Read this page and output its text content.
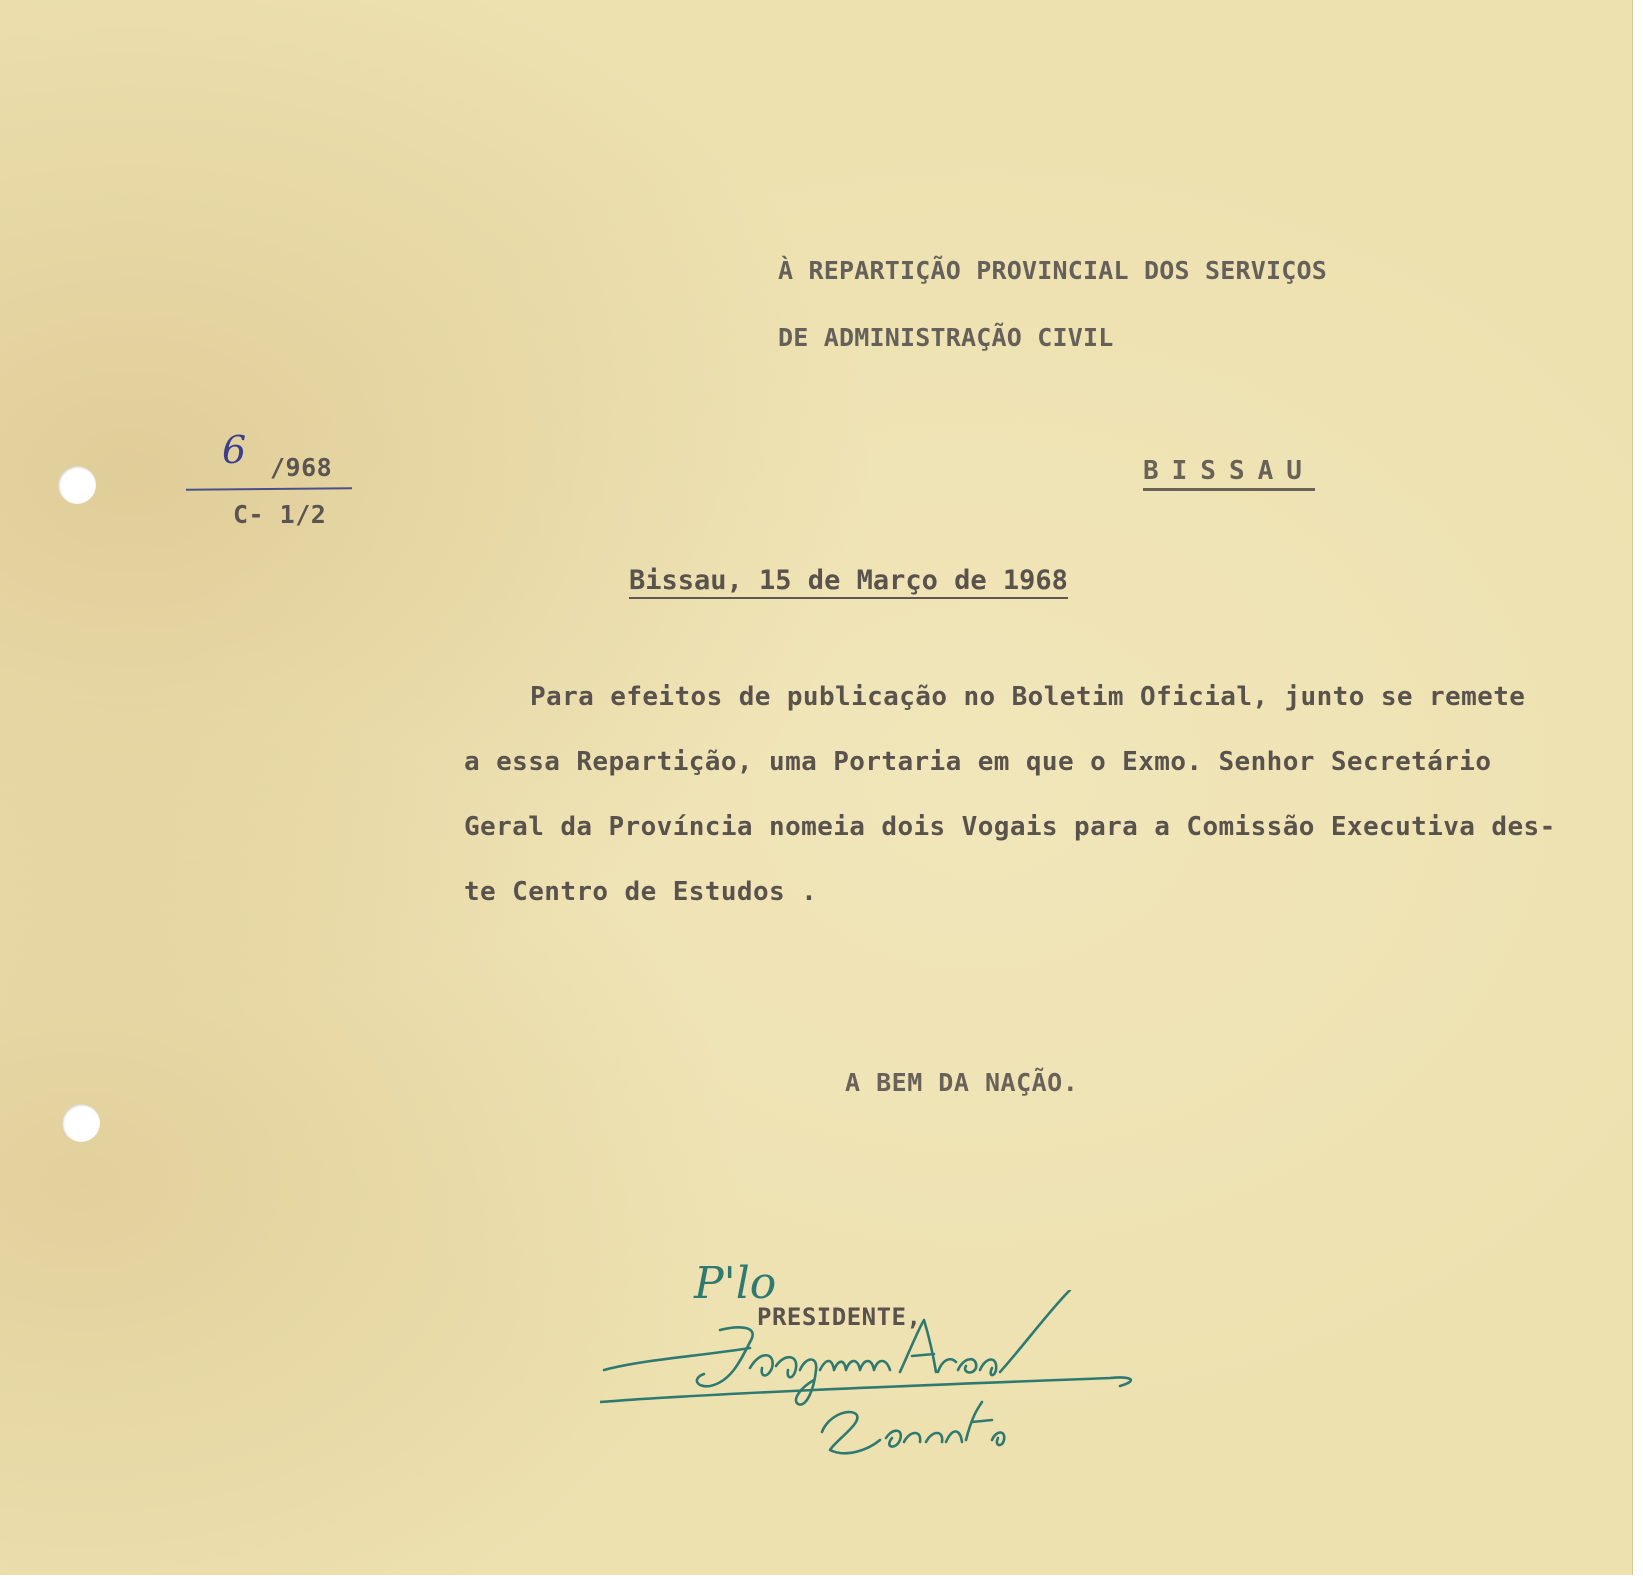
À REPARTIÇÃO PROVINCIAL DOS SERVIÇOS

DE ADMINISTRAÇÃO CIVIL

6 /968

C- 1/2

BISSAU

Bissau, 15 de Março de 1968

Para efeitos de publicação no Boletim Oficial, junto se remete
a essa Repartição, uma Portaria em que o Exmo. Senhor Secretário
Geral da Província nomeia dois Vogais para a Comissão Executiva des-
te Centro de Estudos .

A BEM DA NAÇÃO.

P'lo

PRESIDENTE,
